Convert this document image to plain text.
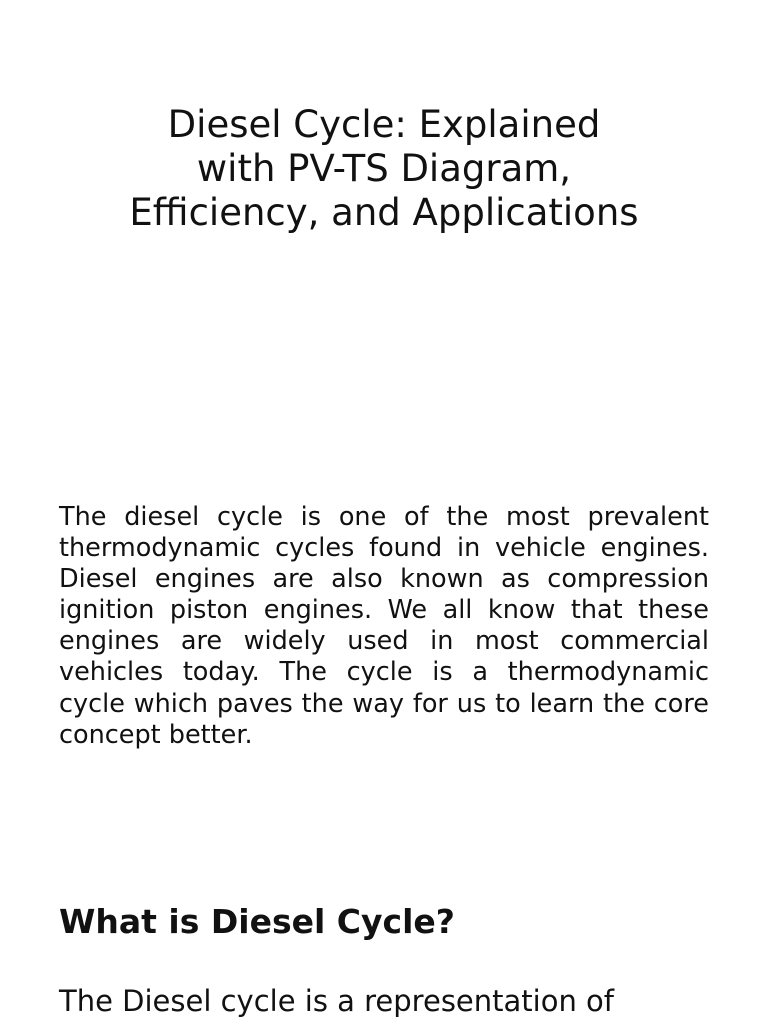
Diesel Cycle: Explained
with PV-TS Diagram,
Efficiency, and Applications

The diesel cycle is one of the most prevalent thermodynamic cycles found in vehicle engines. Diesel engines are also known as compression ignition piston engines. We all know that these engines are widely used in most commercial vehicles today. The cycle is a thermodynamic cycle which paves the way for us to learn the core concept better.

What is Diesel Cycle?

The Diesel cycle is a representation of
